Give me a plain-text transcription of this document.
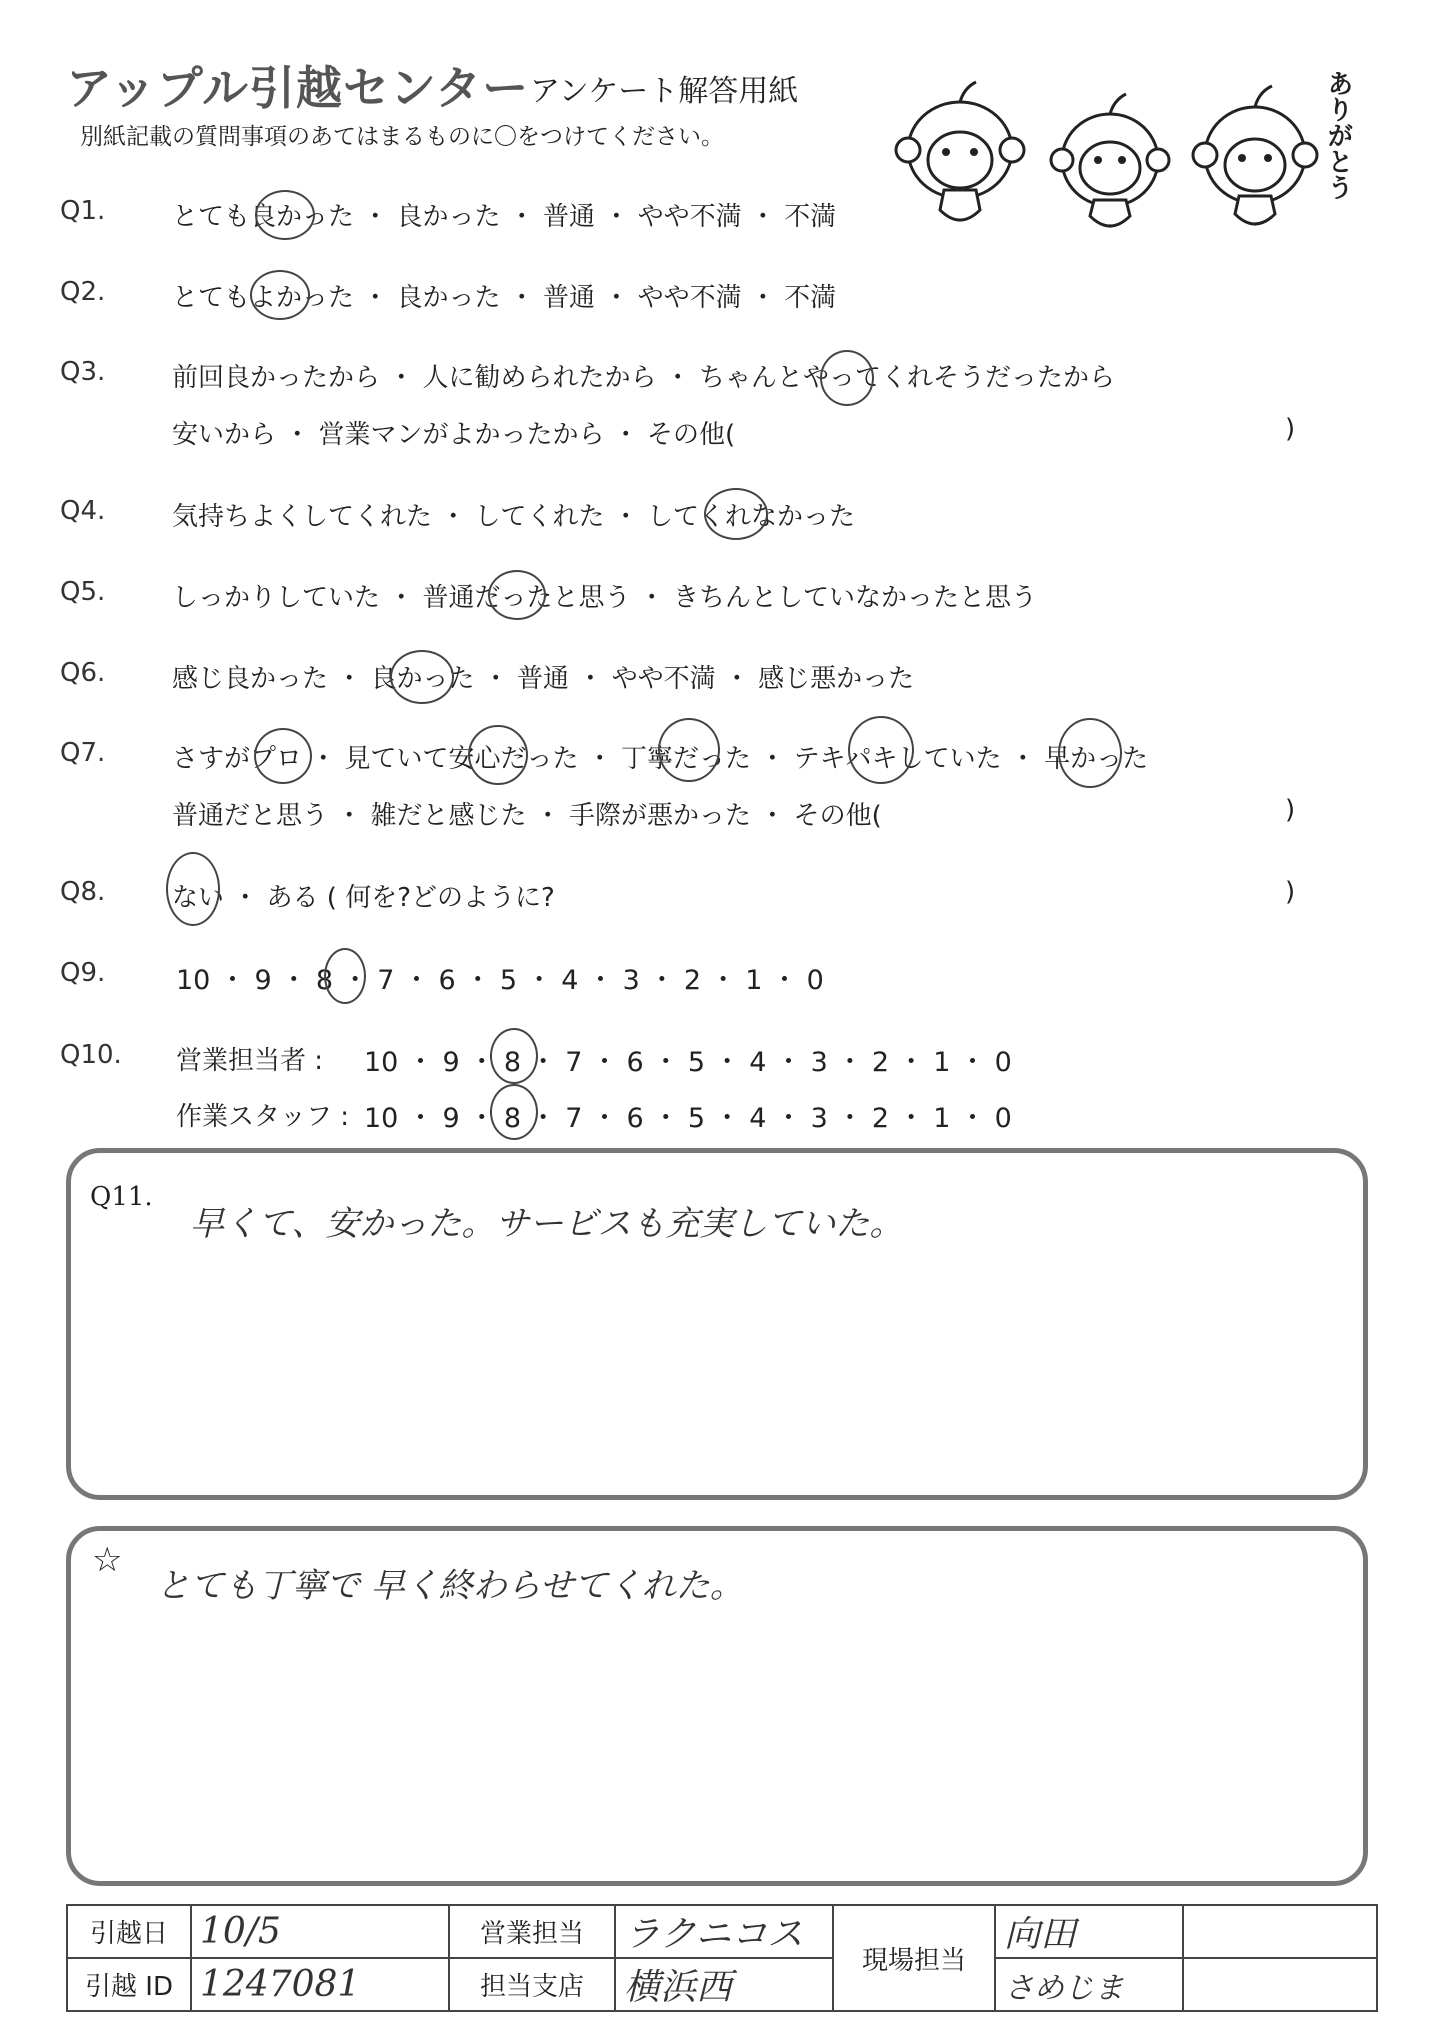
アップル引越センター アンケート解答用紙
別紙記載の質問事項のあてはまるものに〇をつけてください。	ありがとう
Q1.	とても良かった ・ 良かった ・ 普通 ・ やや不満 ・ 不満
Q2.	とてもよかった ・ 良かった ・ 普通 ・ やや不満 ・ 不満
Q3.	前回良かったから ・ 人に勧められたから ・ ちゃんとやってくれそうだったから
安いから ・ 営業マンがよかったから ・ その他(	)
Q4.	気持ちよくしてくれた ・ してくれた ・ してくれなかった
Q5.	しっかりしていた ・ 普通だったと思う ・ きちんとしていなかったと思う
Q6.	感じ良かった ・ 良かった ・ 普通 ・ やや不満 ・ 感じ悪かった
Q7.	さすがプロ ・ 見ていて安心だった ・ 丁寧だった ・ テキパキしていた ・ 早かった
普通だと思う ・ 雑だと感じた ・ 手際が悪かった ・ その他(	)
Q8.	ない ・ ある ( 何を?どのように?	)
Q9.	10 ・ 9 ・ 8 ・ 7 ・ 6 ・ 5 ・ 4 ・ 3 ・ 2 ・ 1 ・ 0
Q10. 営業担当者 : 10 ・ 9 ・ 8 ・ 7 ・ 6 ・ 5 ・ 4 ・ 3 ・ 2 ・ 1 ・ 0
作業スタッフ : 10 ・ 9 ・ 8 ・ 7 ・ 6 ・ 5 ・ 4 ・ 3 ・ 2 ・ 1 ・ 0
Q11.
早くて、安かった。サービスも充実していた。
☆
とても丁寧で 早く終わらせてくれた。
引越日	10/5	営業担当	ラクニコス	現場担当	向田	
引越 ID	1247081	担当支店	横浜西		さめじま	
